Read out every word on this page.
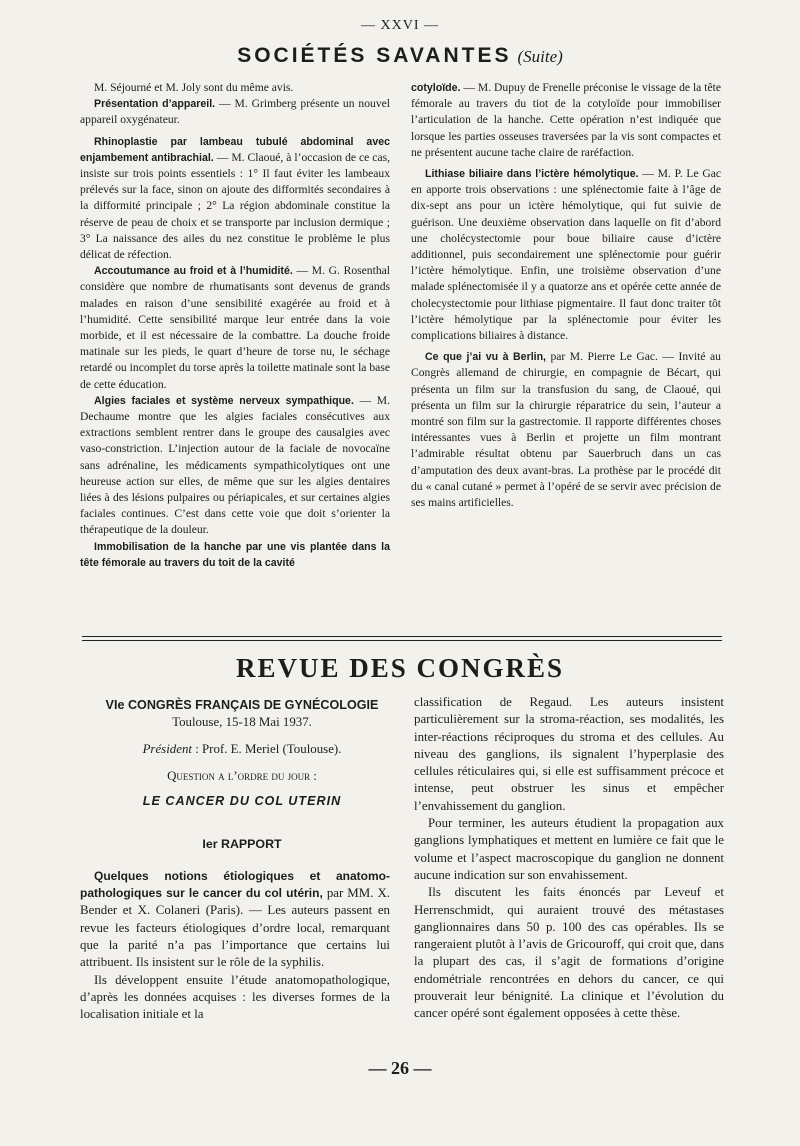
— XXVI —
SOCIÉTÉS SAVANTES (Suite)

M. Séjourné et M. Joly sont du même avis.

Présentation d’appareil. — M. Grimberg présente un nouvel appareil oxygénateur.

Rhinoplastie par lambeau tubulé abdominal avec enjambement antibrachial. — M. Claoué, à l’occasion de ce cas, insiste sur trois points essentiels : 1° Il faut éviter les lambeaux prélevés sur la face, sinon on ajoute des difformités secondaires à la difformité principale ; 2° La région abdominale constitue la réserve de peau de choix et se transporte par inclusion dermique ; 3° La naissance des ailes du nez constitue le problème le plus délicat de réfection.

Accoutumance au froid et à l’humidité. — M. G. Rosenthal considère que nombre de rhumatisants sont devenus de grands malades en raison d’une sensibilité exagérée au froid et à l’humidité. Cette sensibilité marque leur entrée dans la voie morbide, et il est nécessaire de la combattre. La douche froide matinale sur les pieds, le quart d’heure de torse nu, le séchage retardé ou incomplet du torse après la toilette matinale sont la base de cette éducation.

Algies faciales et système nerveux sympathique. — M. Dechaume montre que les algies faciales consécutives aux extractions semblent rentrer dans le groupe des causalgies avec vaso-constriction. L’injection autour de la faciale de novocaïne sans adrénaline, les médicaments sympathicolytiques ont une heureuse action sur elles, de même que sur les algies dentaires liées à des lésions pulpaires ou périapicales, et sur certaines algies faciales continues. C’est dans cette voie que doit s’orienter la thérapeutique de la douleur.

Immobilisation de la hanche par une vis plantée dans la tête fémorale au travers du toit de la cavité

cotyloïde. — M. Dupuy de Frenelle préconise le vissage de la tête fémorale au travers du tiot de la cotyloïde pour immobiliser l’articulation de la hanche. Cette opération n’est indiquée que lorsque les parties osseuses traversées par la vis sont compactes et ne présentent aucune tache claire de raréfaction.

Lithiase biliaire dans l’ictère hémolytique. — M. P. Le Gac en apporte trois observations : une splénectomie faite à l’âge de dix-sept ans pour un ictère hémolytique, qui fut suivie de guérison. Une deuxième observation dans laquelle on fit d’abord une cholécystectomie pour boue biliaire cause d’ictère additionnel, puis secondairement une splénectomie pour guérir l’ictère hémolytique. Enfin, une troisième observation d’une malade splénectomisée il y a quatorze ans et opérée cette année de cholecystectomie pour lithiase pigmentaire. Il faut donc traiter tôt l’ictère hémolytique par la splénectomie pour éviter les complications biliaires à distance.

Ce que j’ai vu à Berlin, par M. Pierre Le Gac. — Invité au Congrès allemand de chirurgie, en compagnie de Bécart, qui présenta un film sur la transfusion du sang, de Claoué, qui présenta un film sur la chirurgie réparatrice du sein, l’auteur a montré son film sur la gastrectomie. Il rapporte différentes choses intéressantes vues à Berlin et projette un film montrant l’admirable résultat obtenu par Sauerbruch dans un cas d’amputation des deux avant-bras. La prothèse par le procédé dit du « canal cutané » permet à l’opéré de se servir avec précision de ses mains artificielles.

REVUE DES CONGRÈS

VIe CONGRÈS FRANÇAIS DE GYNÉCOLOGIE

Toulouse, 15-18 Mai 1937.

Président : Prof. E. Meriel (Toulouse).

Question a l’ordre du jour :

LE CANCER DU COL UTERIN

Ier RAPPORT

Quelques notions étiologiques et anatomo-pathologiques sur le cancer du col utérin, par MM. X. Bender et X. Colaneri (Paris). — Les auteurs passent en revue les facteurs étiologiques d’ordre local, remarquant que la parité n’a pas l’importance que certains lui attribuent. Ils insistent sur le rôle de la syphilis.

Ils développent ensuite l’étude anatomopathologique, d’après les données acquises : les diverses formes de la localisation initiale et la

classification de Regaud. Les auteurs insistent particulièrement sur la stroma-réaction, ses modalités, les inter-réactions réciproques du stroma et des cellules. Au niveau des ganglions, ils signalent l’hyperplasie des cellules réticulaires qui, si elle est suffisamment précoce et intense, peut obstruer les sinus et empêcher l’envahissement du ganglion.

Pour terminer, les auteurs étudient la propagation aux ganglions lymphatiques et mettent en lumière ce fait que le volume et l’aspect macroscopique du ganglion ne donnent aucune indication sur son envahissement.

Ils discutent les faits énoncés par Leveuf et Herrenschmidt, qui auraient trouvé des métastases ganglionnaires dans 50 p. 100 des cas opérables. Ils se rangeraient plutôt à l’avis de Gricouroff, qui croit que, dans la plupart des cas, il s’agit de formations d’origine endométriale rencontrées en dehors du cancer, ce qui prouverait leur bénignité. La clinique et l’évolution du cancer opéré sont également opposées à cette thèse.

— 26 —
